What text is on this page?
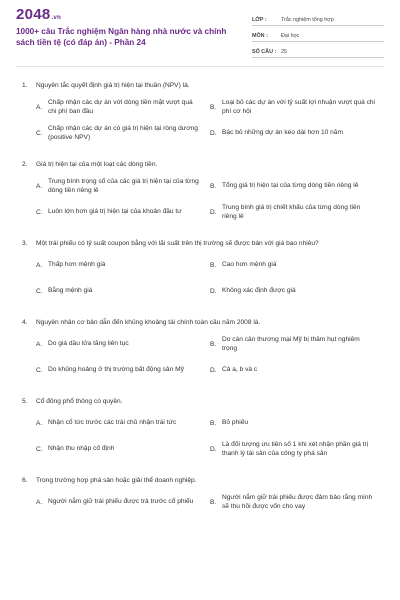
2048.vn
1000+ câu Trắc nghiệm Ngân hàng nhà nước và chính sách tiền tệ (có đáp án) - Phần 24
LỚP :	Trắc nghiệm tổng hợp
MÔN :	Đại học
SỐ CÂU : 25
1.	Nguyên tắc quyết định giá trị hiện tại thuần (NPV) là.
A.
Chấp nhận các dự án với dòng tiền mặt vượt quá chi phí ban đầu
B.
Loại bỏ các dự án với tỷ suất lợi nhuận vượt quá chi phí cơ hội
C.
Chấp nhận các dự án có giá trị hiện tại ròng dương (positive NPV)
D. Bác bỏ những dự án kéo dài hơn 10 năm
2.	Giá trị hiện tại của một loạt các dòng tiền.
A.
Trung bình trọng số của các giá trị hiện tại của từng dòng tiền riêng lẻ
B. Tổng giá trị hiện tại của từng dòng tiền riêng lẻ
C. Luôn lớn hơn giá trị hiện tại của khoản đầu tư	D.
Trung bình giá trị chiết khấu của từng dòng tiền riêng lẻ
3.	Một trái phiếu có tỷ suất coupon bằng với lãi suất trên thị trường sẽ được bán với giá bao nhiêu?
A. Thấp hơn mệnh giá	B. Cao hơn mệnh giá
C. Bằng mệnh giá	D. Không xác định được giá
4.	Nguyên nhân cơ bản dẫn đến khủng khoảng tài chính toàn cầu năm 2008 là.
A. Do giá dầu lửa tăng liên tục	B.
Do cán cân thương mại Mỹ bị thâm hụt nghiêm trọng
C. Do khủng hoảng ở thị trường bất động sản Mỹ	D. Cả a, b và c
5.	Cổ đông phổ thông có quyền.
A. Nhận cổ tức trước các trái chủ nhận trái tức	B. Bỏ phiếu
C. Nhận thu nhập cố định	D.
Là đối tượng ưu tiên số 1 khi xét nhận phần giá trị thanh lý tài sản của công ty phá sản
6.	Trong trường hợp phá sản hoặc giải thể doanh nghiệp.
A. Người nắm giữ trái phiếu được trả trước cổ phiếu	B.
Người nắm giữ trái phiếu được đảm bảo rằng mình sẽ thu hồi được vốn cho vay
